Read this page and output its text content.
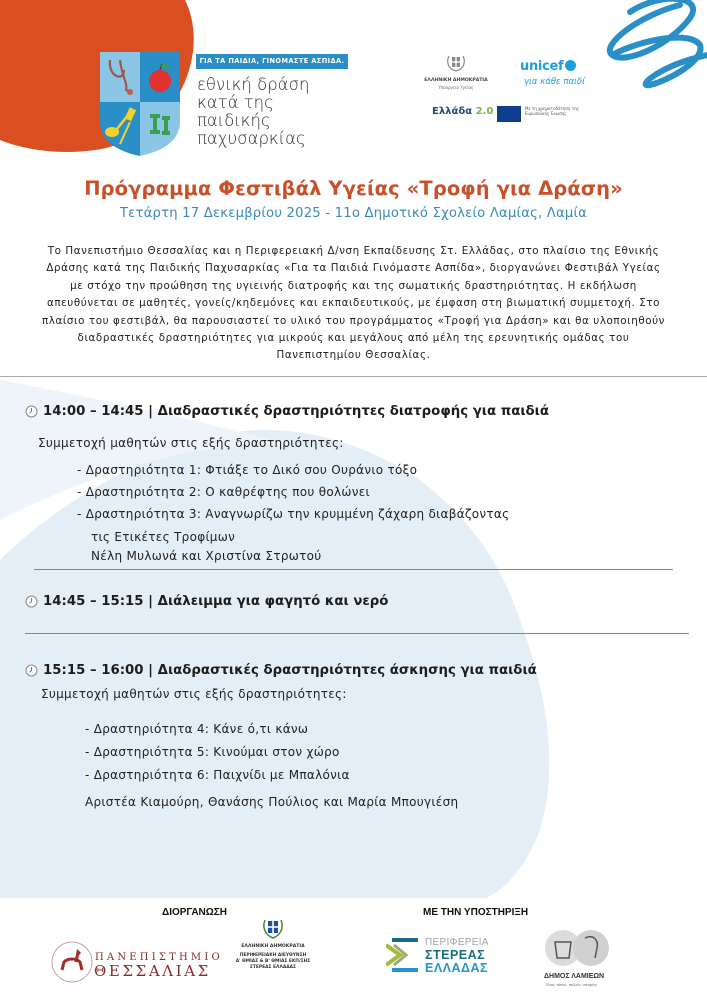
ΓΙΑ ΤΑ ΠΑΙΔΙΑ, ΓΙΝΟΜΑΣΤΕ ΑΣΠΙΔΑ.
εθνική δράση
κατά της
παιδικής
παχυσαρκίας
ΕΛΛΗΝΙΚΗ ΔΗΜΟΚΡΑΤΙΑ
Υπουργείο Υγείας
unicef
για κάθε παιδί
Ελλάδα 2.0	Με τη χρηματοδότηση της Ευρωπαϊκής Ένωσης
Πρόγραμμα Φεστιβάλ Υγείας «Τροφή για Δράση»
Τετάρτη 17 Δεκεμβρίου 2025 - 11ο Δημοτικό Σχολείο Λαμίας, Λαμία
Το Πανεπιστήμιο Θεσσαλίας και η Περιφερειακή Δ/νση Εκπαίδευσης Στ. Ελλάδας, στο πλαίσιο της Εθνικής Δράσης κατά της Παιδικής Παχυσαρκίας «Για τα Παιδιά Γινόμαστε Ασπίδα», διοργανώνει Φεστιβάλ Υγείας με στόχο την προώθηση της υγιεινής διατροφής και της σωματικής δραστηριότητας. Η εκδήλωση απευθύνεται σε μαθητές, γονείς/κηδεμόνες και εκπαιδευτικούς, με έμφαση στη βιωματική συμμετοχή. Στο πλαίσιο του φεστιβάλ, θα παρουσιαστεί το υλικό του προγράμματος «Τροφή για Δράση» και θα υλοποιηθούν διαδραστικές δραστηριότητες για μικρούς και μεγάλους από μέλη της ερευνητικής ομάδας του Πανεπιστημίου Θεσσαλίας.
14:00 – 14:45 | Διαδραστικές δραστηριότητες διατροφής για παιδιά
Συμμετοχή μαθητών στις εξής δραστηριότητες:
- Δραστηριότητα 1: Φτιάξε το Δικό σου Ουράνιο τόξο
- Δραστηριότητα 2: Ο καθρέφτης που θολώνει
- Δραστηριότητα 3: Αναγνωρίζω την κρυμμένη ζάχαρη διαβάζοντας
τις Ετικέτες Τροφίμων
Νέλη Μυλωνά και Χριστίνα Στρωτού
14:45 – 15:15 | Διάλειμμα για φαγητό και νερό
15:15 – 16:00 | Διαδραστικές δραστηριότητες άσκησης για παιδιά
Συμμετοχή μαθητών στις εξής δραστηριότητες:
- Δραστηριότητα 4: Κάνε ό,τι κάνω
- Δραστηριότητα 5: Κινούμαι στον χώρο
- Δραστηριότητα 6: Παιχνίδι με Μπαλόνια
Αριστέα Κιαμούρη, Θανάσης Πούλιος και Μαρία Μπουγιέση
ΔΙΟΡΓΑΝΩΣΗ	ΜΕ ΤΗΝ ΥΠΟΣΤΗΡΙΞΗ
ΠΑΝΕΠΙΣΤΗΜΙΟ
ΘΕΣΣΑΛΙΑΣ
ΕΛΛΗΝΙΚΗ ΔΗΜΟΚΡΑΤΙΑ
ΠΕΡΙΦΕΡΕΙΑΚΗ ΔΙΕΥΘΥΝΣΗ
Α' ΘΜΙΑΣ & Β' ΘΜΙΑΣ ΕΚΠ/ΣΗΣ
ΣΤΕΡΕΑΣ ΕΛΛΑΔΑΣ
ΠΕΡΙΦΕΡΕΙΑ
ΣΤΕΡΕΑΣ
ΕΛΛΑΔΑΣ
ΔΗΜΟΣ ΛΑΜΙΕΩΝ
Ένας τόπος, πολλές ιστορίες
